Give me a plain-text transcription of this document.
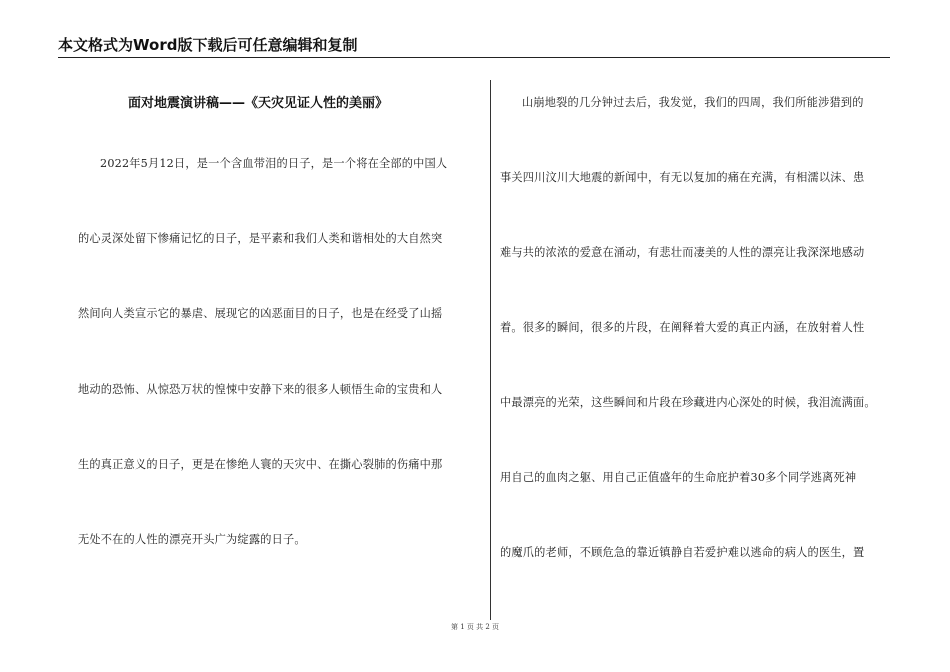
本文格式为Word版下载后可任意编辑和复制
面对地震演讲稿——《天灾见证人性的美丽》
2022年5月12日，是一个含血带泪的日子，是一个将在全部的中国人
的心灵深处留下惨痛记忆的日子，是平素和我们人类和谐相处的大自然突
然间向人类宣示它的暴虐、展现它的凶恶面目的日子，也是在经受了山摇
地动的恐怖、从惊恐万状的惶悚中安静下来的很多人顿悟生命的宝贵和人
生的真正意义的日子，更是在惨绝人寰的天灾中、在撕心裂肺的伤痛中那
无处不在的人性的漂亮开头广为绽露的日子。
山崩地裂的几分钟过去后，我发觉，我们的四周，我们所能涉猎到的
事关四川汶川大地震的新闻中，有无以复加的痛在充满，有相濡以沫、患
难与共的浓浓的爱意在涌动，有悲壮而凄美的人性的漂亮让我深深地感动
着。很多的瞬间，很多的片段，在阐释着大爱的真正内涵，在放射着人性
中最漂亮的光荣，这些瞬间和片段在珍藏进内心深处的时候，我泪流满面。
用自己的血肉之躯、用自己正值盛年的生命庇护着30多个同学逃离死神
的魔爪的老师，不顾危急的靠近镇静自若爱护难以逃命的病人的医生，置
第 1 页 共 2 页
